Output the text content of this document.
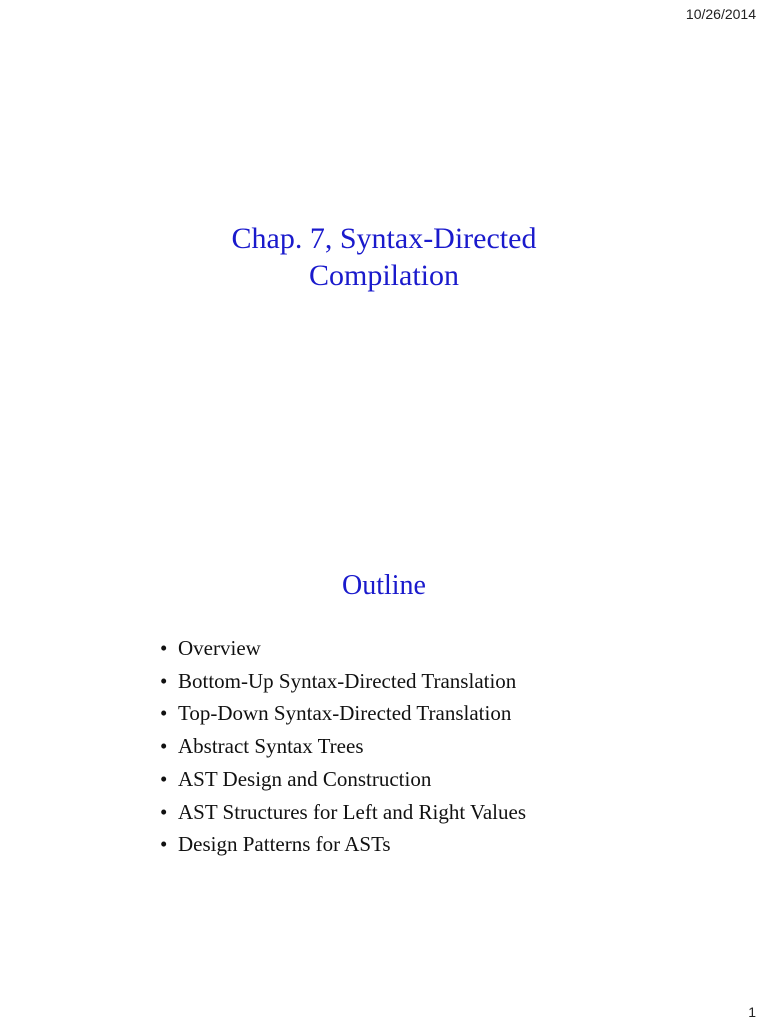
10/26/2014
Chap. 7, Syntax-Directed
Compilation
Outline
• Overview
• Bottom-Up Syntax-Directed Translation
• Top-Down Syntax-Directed Translation
• Abstract Syntax Trees
• AST Design and Construction
• AST Structures for Left and Right Values
• Design Patterns for ASTs
1
